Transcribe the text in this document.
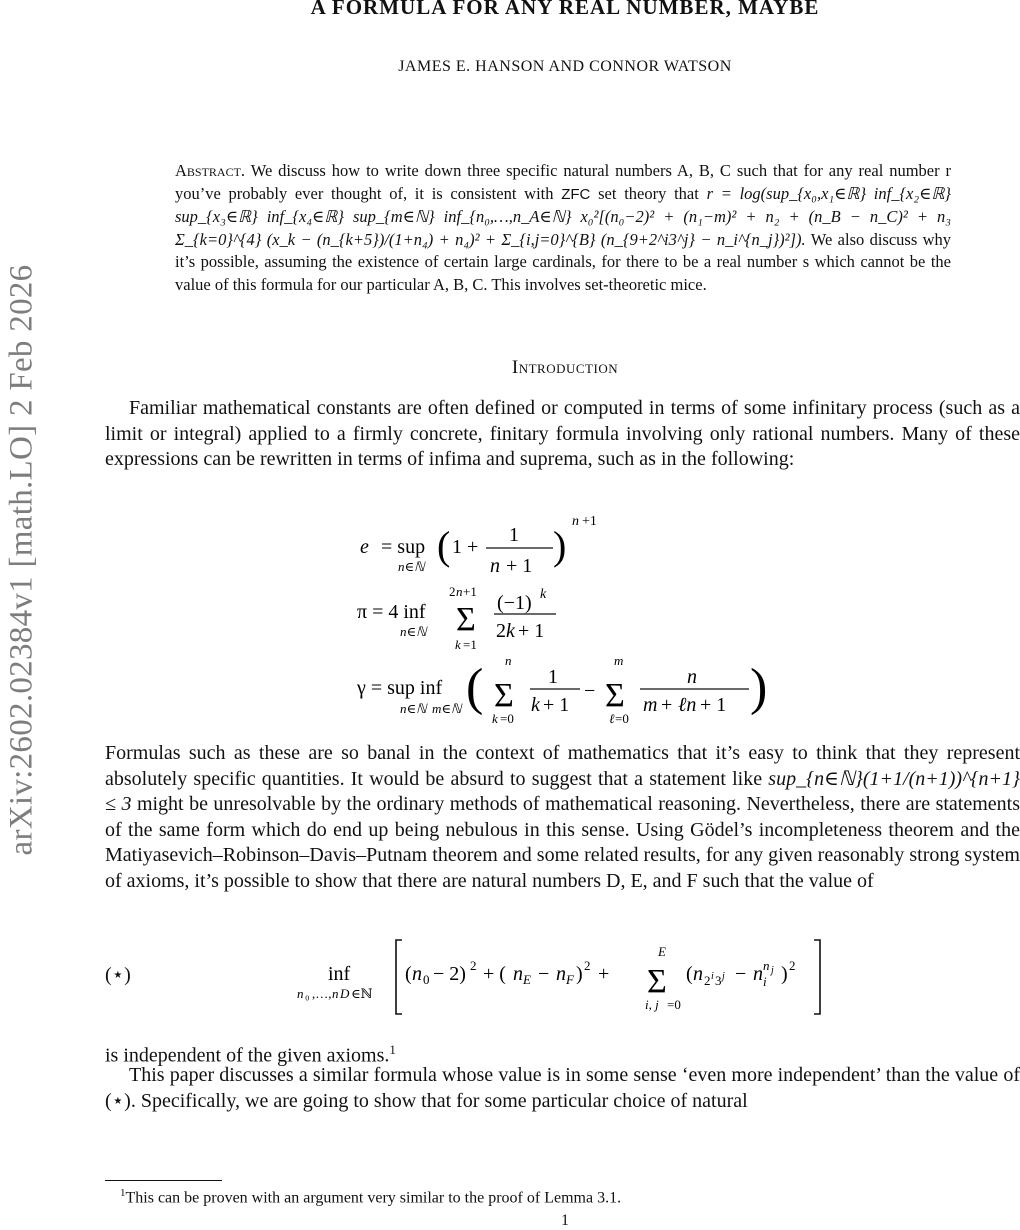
arXiv:2602.02384v1 [math.LO] 2 Feb 2026
A FORMULA FOR ANY REAL NUMBER, MAYBE
JAMES E. HANSON AND CONNOR WATSON
Abstract. We discuss how to write down three specific natural numbers A, B, C such that for any real number r you’ve probably ever thought of, it is consistent with ZFC set theory that r = log(sup_{x₀,x₁∈ℝ} inf_{x₂∈ℝ} sup_{x₃∈ℝ} inf_{x₄∈ℝ} sup_{m∈ℕ} inf_{n₀,…,n_A∈ℕ} x₀²[(n₀−2)² + (n₁−m)² + n₂ + (n_B − n_C)² + n₃ Σ_{k=0}^{4} (x_k − (n_{k+5})/(1+n₄) + n₄)² + Σ_{i,j=0}^{B} (n_{9+2^i3^j} − n_i^{n_j})²]). We also discuss why it’s possible, assuming the existence of certain large cardinals, for there to be a real number s which cannot be the value of this formula for our particular A, B, C. This involves set-theoretic mice.
Introduction
Familiar mathematical constants are often defined or computed in terms of some infinitary process (such as a limit or integral) applied to a firmly concrete, finitary formula involving only rational numbers. Many of these expressions can be rewritten in terms of infima and suprema, such as in the following:
e = sup
n∈ℕ ( 1 +
1
n + 1 )
n +1
π = 4 inf
n∈ℕ
2 n +1
Σ
k =1
(−1) k
2 k + 1
γ = sup inf
n∈ℕ m∈ℕ ( n
Σ
k =0
1
k + 1
−
m
Σ
ℓ =0
n
m + ℓn + 1 )
Formulas such as these are so banal in the context of mathematics that it’s easy to think that they represent absolutely specific quantities. It would be absurd to suggest that a statement like sup_{n∈ℕ}(1+1/(n+1))^{n+1} ≤ 3 might be unresolvable by the ordinary methods of mathematical reasoning. Nevertheless, there are statements of the same form which do end up being nebulous in this sense. Using Gödel’s incompleteness theorem and the Matiyasevich–Robinson–Davis–Putnam theorem and some related results, for any given reasonably strong system of axioms, it’s possible to show that there are natural numbers D, E, and F such that the value of
(⋆)	inf
n ₀ ,…, n D ∈ℕ
( n 0 − 2) 2 + ( n E − n F ) 2 +
E
Σ
i, j =0
( n 2 i 3 j − n i
n j ) 2
is independent of the given axioms.$^1$
This paper discusses a similar formula whose value is in some sense ‘even more independent’ than the value of (⋆). Specifically, we are going to show that for some particular choice of natural
$^1$This can be proven with an argument very similar to the proof of Lemma 3.1.
1
